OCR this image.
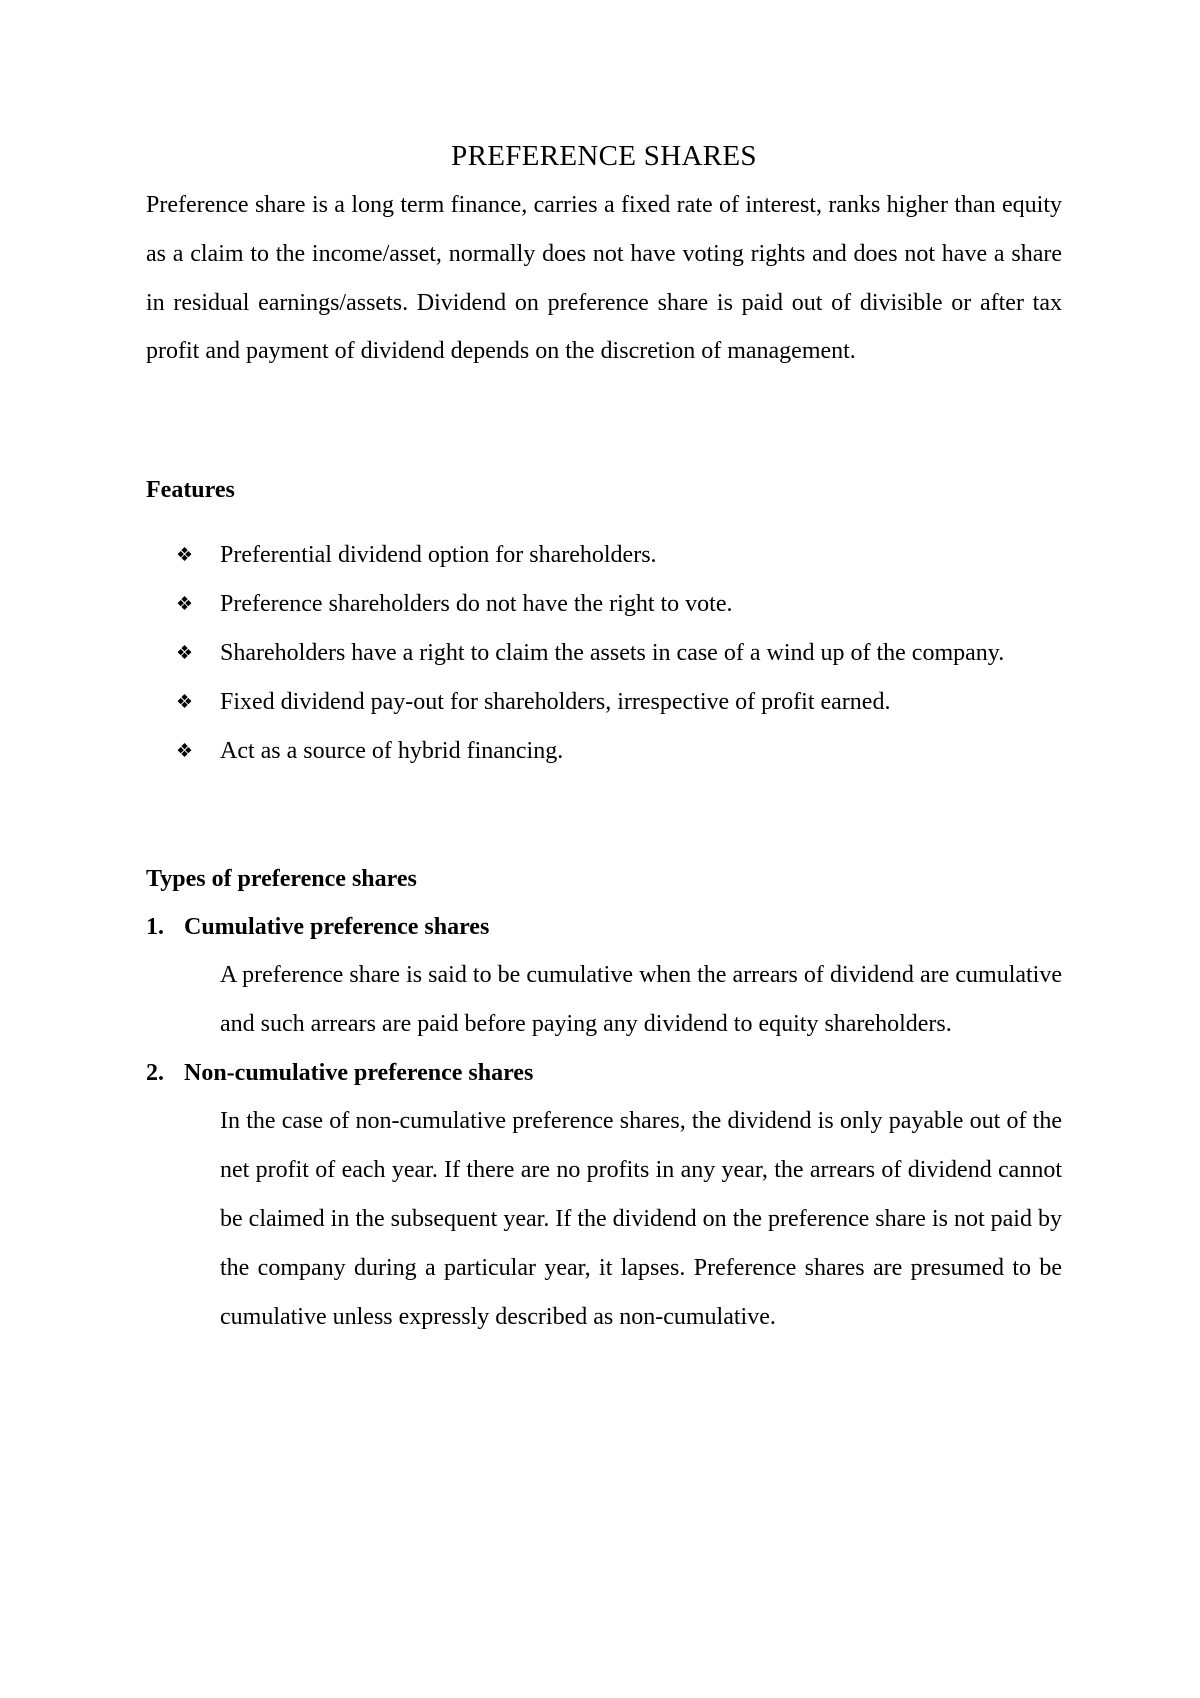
PREFERENCE SHARES

Preference share is a long term finance, carries a fixed rate of interest, ranks higher than equity as a claim to the income/asset, normally does not have voting rights and does not have a share in residual earnings/assets. Dividend on preference share is paid out of divisible or after tax profit and payment of dividend depends on the discretion of management.

Features
❖	Preferential dividend option for shareholders.
❖	Preference shareholders do not have the right to vote.
❖	Shareholders have a right to claim the assets in case of a wind up of the company.
❖	Fixed dividend pay-out for shareholders, irrespective of profit earned.
❖	Act as a source of hybrid financing.
Types of preference shares
1. Cumulative preference shares

A preference share is said to be cumulative when the arrears of dividend are cumulative and such arrears are paid before paying any dividend to equity shareholders.

2. Non-cumulative preference shares

In the case of non-cumulative preference shares, the dividend is only payable out of the net profit of each year. If there are no profits in any year, the arrears of dividend cannot be claimed in the subsequent year. If the dividend on the preference share is not paid by the company during a particular year, it lapses. Preference shares are presumed to be cumulative unless expressly described as non-cumulative.
